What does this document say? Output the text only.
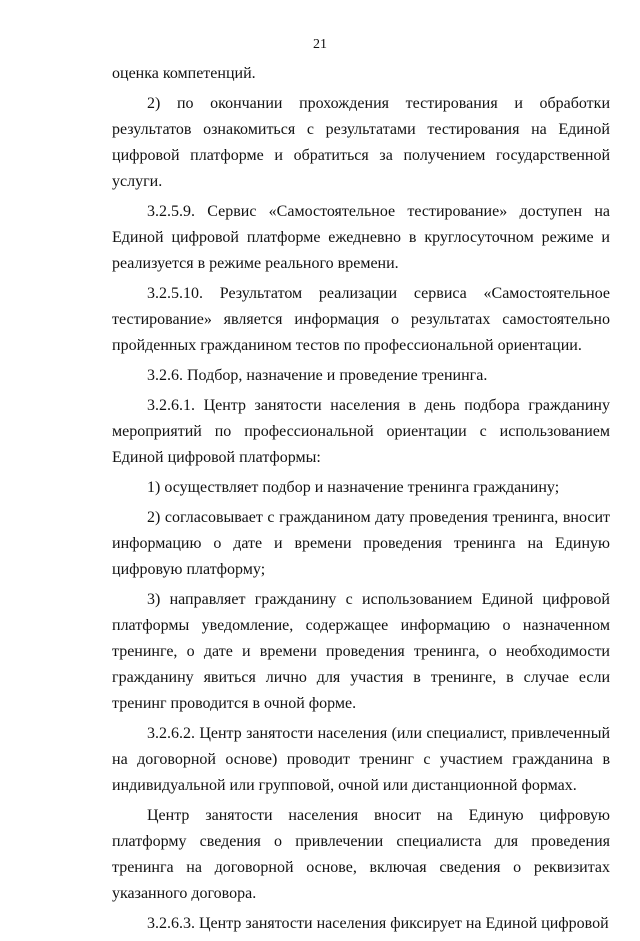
21

оценка компетенций.

2) по окончании прохождения тестирования и обработки результатов ознакомиться с результатами тестирования на Единой цифровой платформе и обратиться за получением государственной услуги.

3.2.5.9. Сервис «Самостоятельное тестирование» доступен на Единой цифровой платформе ежедневно в круглосуточном режиме и реализуется в режиме реального времени.

3.2.5.10. Результатом реализации сервиса «Самостоятельное тестирование» является информация о результатах самостоятельно пройденных гражданином тестов по профессиональной ориентации.

3.2.6. Подбор, назначение и проведение тренинга.

3.2.6.1. Центр занятости населения в день подбора гражданину мероприятий по профессиональной ориентации с использованием Единой цифровой платформы:

1) осуществляет подбор и назначение тренинга гражданину;

2) согласовывает с гражданином дату проведения тренинга, вносит информацию о дате и времени проведения тренинга на Единую цифровую платформу;

3) направляет гражданину с использованием Единой цифровой платформы уведомление, содержащее информацию о назначенном тренинге, о дате и времени проведения тренинга, о необходимости гражданину явиться лично для участия в тренинге, в случае если тренинг проводится в очной форме.

3.2.6.2. Центр занятости населения (или специалист, привлеченный на договорной основе) проводит тренинг с участием гражданина в индивидуальной или групповой, очной или дистанционной формах.

Центр занятости населения вносит на Единую цифровую платформу сведения о привлечении специалиста для проведения тренинга на договорной основе, включая сведения о реквизитах указанного договора.

3.2.6.3. Центр занятости населения фиксирует на Единой цифровой
